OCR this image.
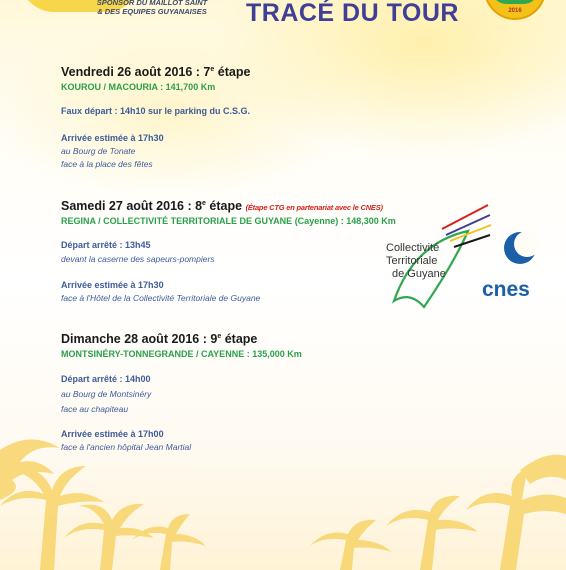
SPONSOR DU MAILLOT SAINT
& DES EQUIPES GUYANAISES TRACÉ DU TOUR	2016
Vendredi 26 août 2016 : 7e étape
KOUROU / MACOURIA : 141,700 Km
Faux départ : 14h10 sur le parking du C.S.G.
Arrivée estimée à 17h30
au Bourg de Tonate
face à la place des fêtes
Samedi 27 août 2016 : 8e étape (Étape CTG en partenariat avec le CNES)
REGINA / COLLECTIVITÉ TERRITORIALE DE GUYANE (Cayenne) : 148,300 Km
Départ arrêté : 13h45
devant la caserne des sapeurs-pompiers
Arrivée estimée à 17h30
face à l'Hôtel de la Collectivité Territoriale de Guyane
Dimanche 28 août 2016 : 9e étape
MONTSINÉRY-TONNEGRANDE / CAYENNE : 135,000 Km
Départ arrêté : 14h00
au Bourg de Montsinéry
face au chapiteau
Arrivée estimée à 17h00
face à l'ancien hôpital Jean Martial
Collectivité
Territoriale
de Guyane
cnes
